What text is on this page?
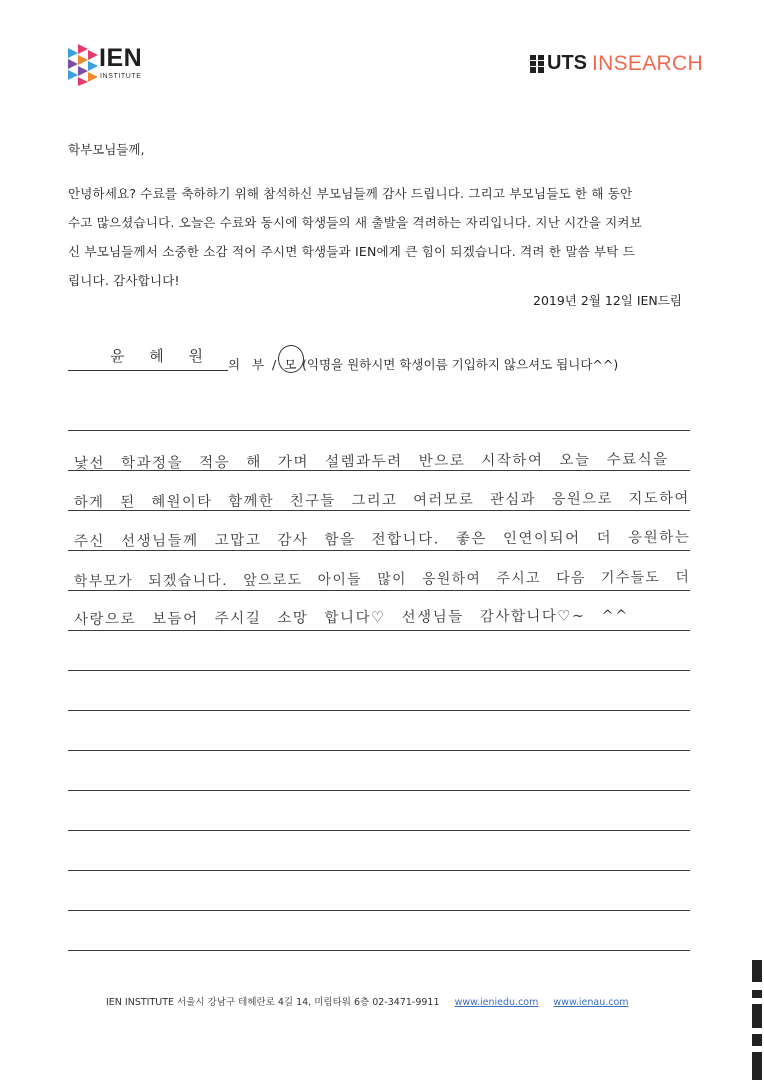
IEN
INSTITUTE
UTS INSEARCH
학부모님들께,
안녕하세요? 수료를 축하하기 위해 참석하신 부모님들께 감사 드립니다. 그리고 부모님들도 한 해 동안
수고 많으셨습니다. 오늘은 수료와 동시에 학생들의 새 출발을 격려하는 자리입니다. 지난 시간을 지켜보
신 부모님들께서 소중한 소감 적어 주시면 학생들과 IEN에게 큰 힘이 되겠습니다. 격려 한 말씀 부탁 드
립니다. 감사합니다!
2019년 2월 12일 IEN드림
윤 혜 원 의 부 / 모 (익명을 원하시면 학생이름 기입하지 않으셔도 됩니다^^)
낯선 학과정을 적응 해 가며 설렘과두려 반으로 시작하여 오늘 수료식을
하게 된 혜원이타 함께한 친구들 그리고 여러모로 관심과 응원으로 지도하여
주신 선생님들께 고맙고 감사 함을 전합니다. 좋은 인연이되어 더 응원하는
학부모가 되겠습니다. 앞으로도 아이들 많이 응원하여 주시고 다음 기수들도 더
사랑으로 보듬어 주시길 소망 합니다♡ 선생님들 감사합니다♡~ ^^
IEN INSTITUTE 서울시 강남구 테헤란로 4길 14, 미림타워 6층 02-3471-9911 www.ieniedu.com www.ienau.com
